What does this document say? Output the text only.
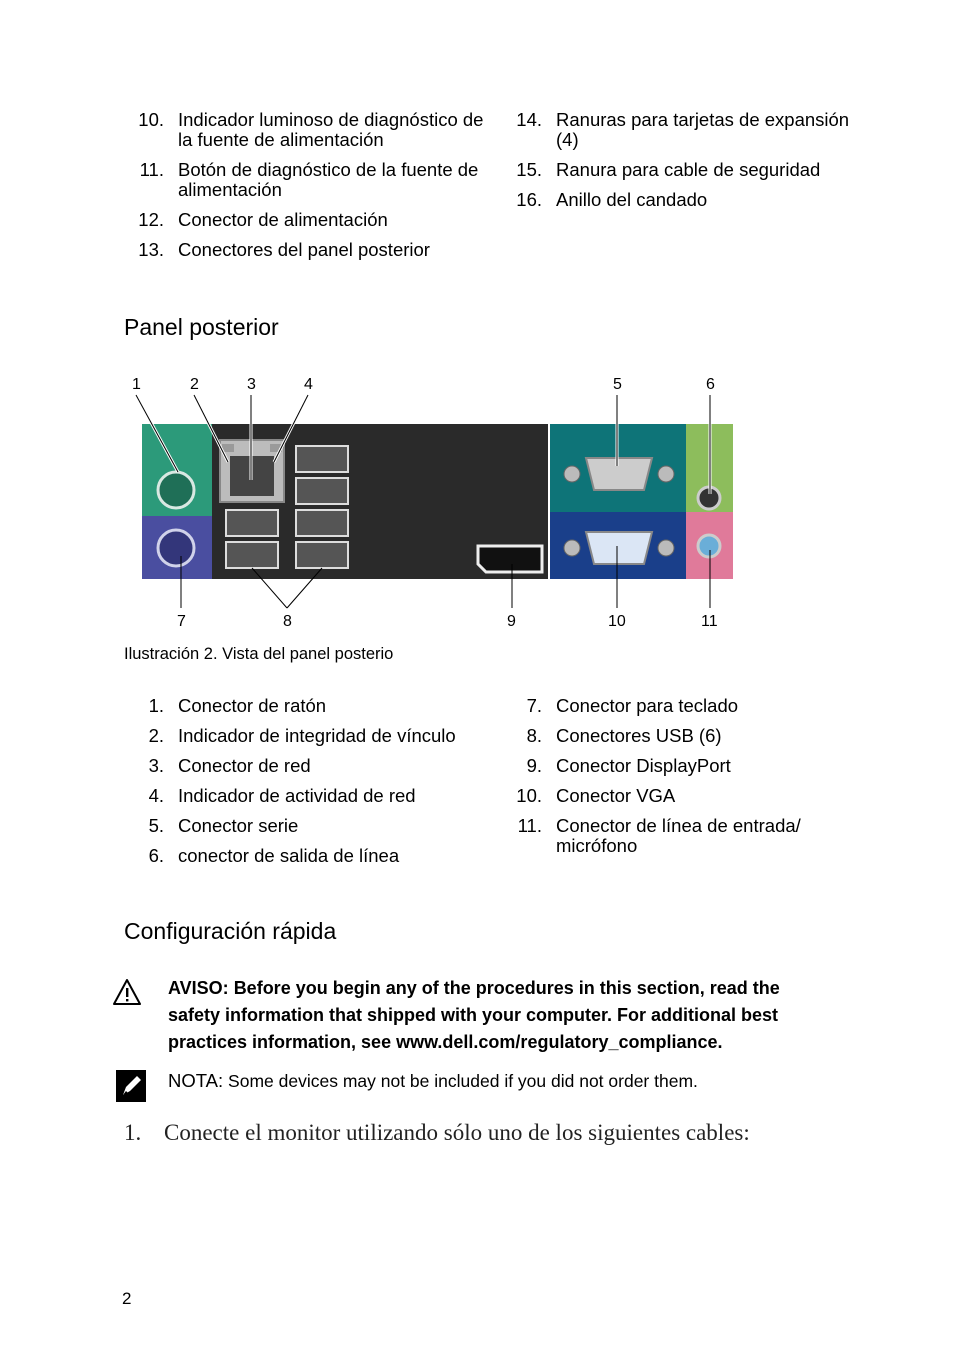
10. Indicador luminoso de diagnóstico de la fuente de alimentación
11. Botón de diagnóstico de la fuente de alimentación
12. Conector de alimentación
13. Conectores del panel posterior
14. Ranuras para tarjetas de expansión (4)
15. Ranura para cable de seguridad
16. Anillo del candado
Panel posterior
1	2	3	4	5	6
7	8	9	10	11
Ilustración 2. Vista del panel posterio
1. Conector de ratón
2. Indicador de integridad de vínculo
3. Conector de red
4. Indicador de actividad de red
5. Conector serie
6. conector de salida de línea
7. Conector para teclado
8. Conectores USB (6)
9. Conector DisplayPort
10. Conector VGA
11. Conector de línea de entrada/ micrófono
Configuración rápida
AVISO: Before you begin any of the procedures in this section, read the safety information that shipped with your computer. For additional best practices information, see www.dell.com/regulatory_compliance.
NOTA: Some devices may not be included if you did not order them.
1. Conecte el monitor utilizando sólo uno de los siguientes cables:
2
